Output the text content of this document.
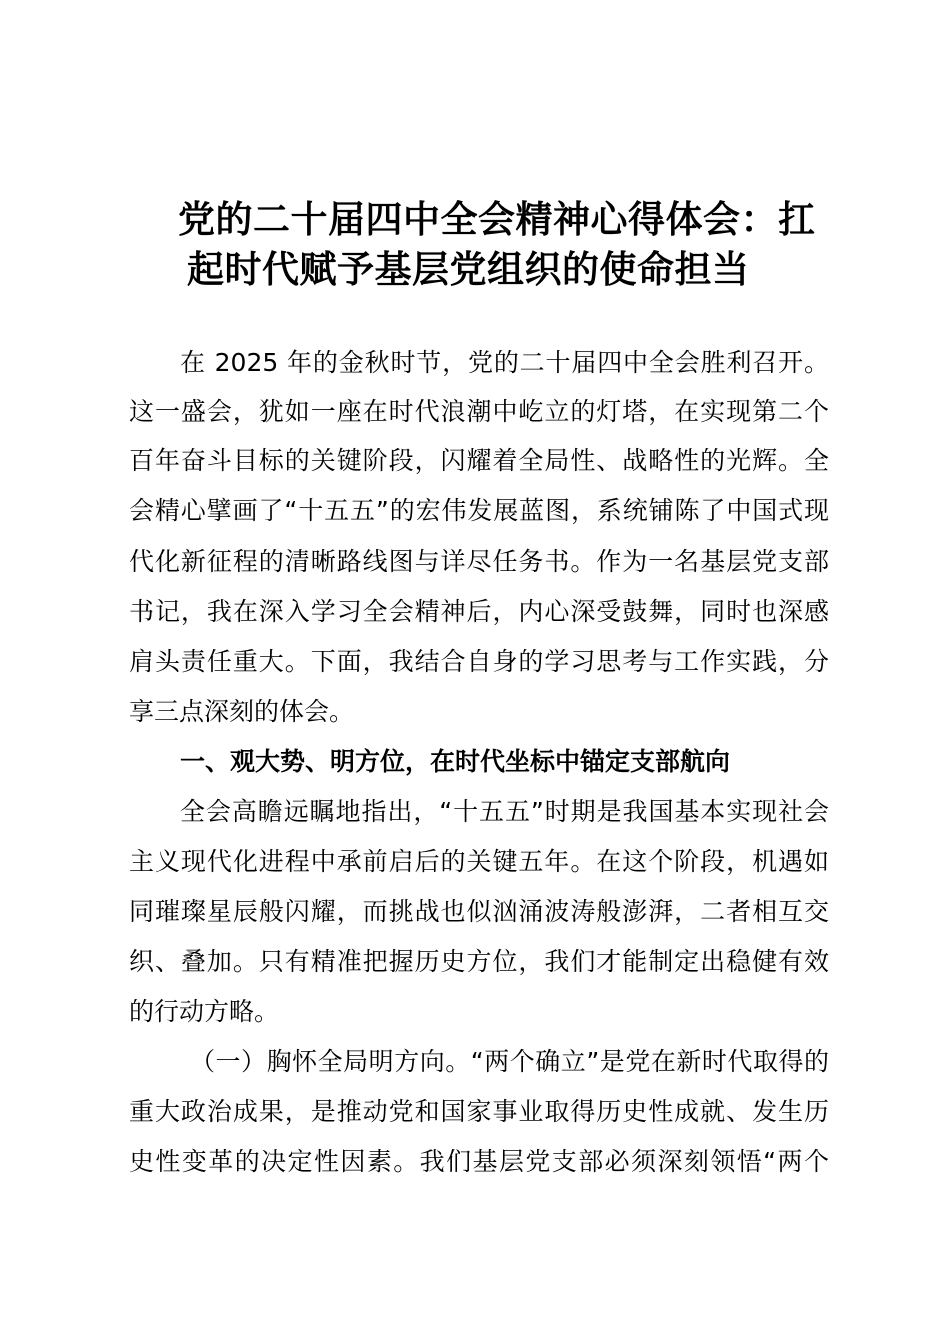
党的二十届四中全会精神心得体会：扛
起时代赋予基层党组织的使命担当
在 2025 年的金秋时节，党的二十届四中全会胜利召开。
这一盛会，犹如一座在时代浪潮中屹立的灯塔，在实现第二个
百年奋斗目标的关键阶段，闪耀着全局性、战略性的光辉。全
会精心擘画了“十五五”的宏伟发展蓝图，系统铺陈了中国式现
代化新征程的清晰路线图与详尽任务书。作为一名基层党支部
书记，我在深入学习全会精神后，内心深受鼓舞，同时也深感
肩头责任重大。下面，我结合自身的学习思考与工作实践，分
享三点深刻的体会。
一、观大势、明方位，在时代坐标中锚定支部航向
全会高瞻远瞩地指出，“十五五”时期是我国基本实现社会
主义现代化进程中承前启后的关键五年。在这个阶段，机遇如
同璀璨星辰般闪耀，而挑战也似汹涌波涛般澎湃，二者相互交
织、叠加。只有精准把握历史方位，我们才能制定出稳健有效
的行动方略。
（一）胸怀全局明方向。“两个确立”是党在新时代取得的
重大政治成果，是推动党和国家事业取得历史性成就、发生历
史性变革的决定性因素。我们基层党支部必须深刻领悟“两个
